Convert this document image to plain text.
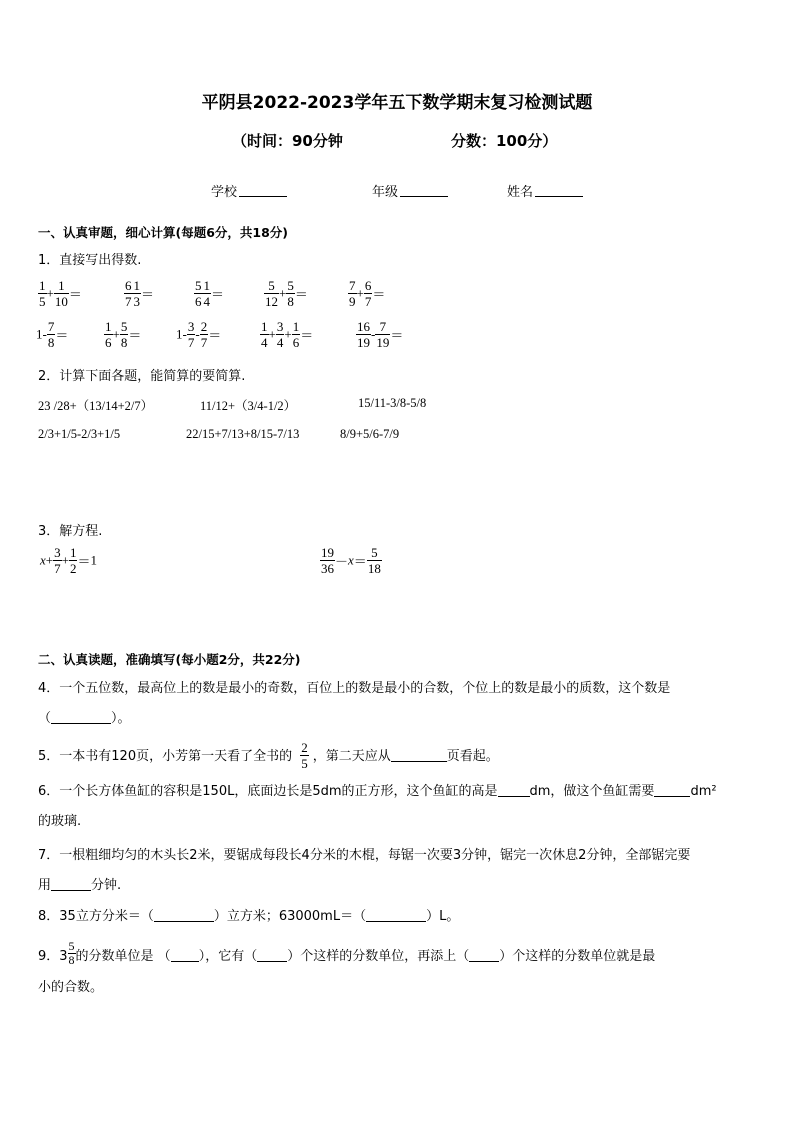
平阴县2022-2023学年五下数学期末复习检测试题
（时间：90分钟	分数：100分）
学校	年级	姓名
一、认真审题，细心计算(每题6分，共18分)
1．直接写出得数.
$\frac{1}{5} + \frac{1}{10}$ ＝	$\frac{6}{7} \frac{1}{3}$ ＝	$\frac{5}{6} \frac{1}{4}$ ＝	$\frac{5}{12} + \frac{5}{8}$ ＝	$\frac{7}{9} + \frac{6}{7}$ ＝
$1- \frac{7}{8}$ ＝	$\frac{1}{6} + \frac{5}{8}$ ＝	$1- \frac{3}{7} - \frac{2}{7}$ ＝	$\frac{1}{4} + \frac{3}{4} + \frac{1}{6}$ ＝	$\frac{16}{19} - \frac{7}{19}$ ＝
2．计算下面各题，能简算的要简算.
23 /28+（13/14+2/7）	11/12+（3/4-1/2）	15/11-3/8-5/8
2/3+1/5-2/3+1/5	22/15+7/13+8/15-7/13	8/9+5/6-7/9
3．解方程.
$x+ \frac{3}{7} + \frac{1}{2} =1$	$\frac{19}{36} -x= \frac{5}{18}$
二、认真读题，准确填写(每小题2分，共22分)
4．一个五位数，最高位上的数是最小的奇数，百位上的数是最小的合数，个位上的数是最小的质数，这个数是
（	）。
5．一本书有120页，小芳第一天看了全书的 $\frac{2}{5}$ ，第二天应从	页看起。
6．一个长方体鱼缸的容积是150L，底面边长是5dm的正方形，这个鱼缸的高是 dm，做这个鱼缸需要	dm²
的玻璃.
7．一根粗细均匀的木头长2米，要锯成每段长4分米的木棍，每锯一次要3分钟，锯完一次休息2分钟，全部锯完要
用	分钟.
8．35立方分米＝（	）立方米；63000mL＝（	）L。
9．$3 \frac{5}{8}$ 的分数单位是 （ ），它有（ ）个这样的分数单位，再添上（ ）个这样的分数单位就是最
小的合数。
